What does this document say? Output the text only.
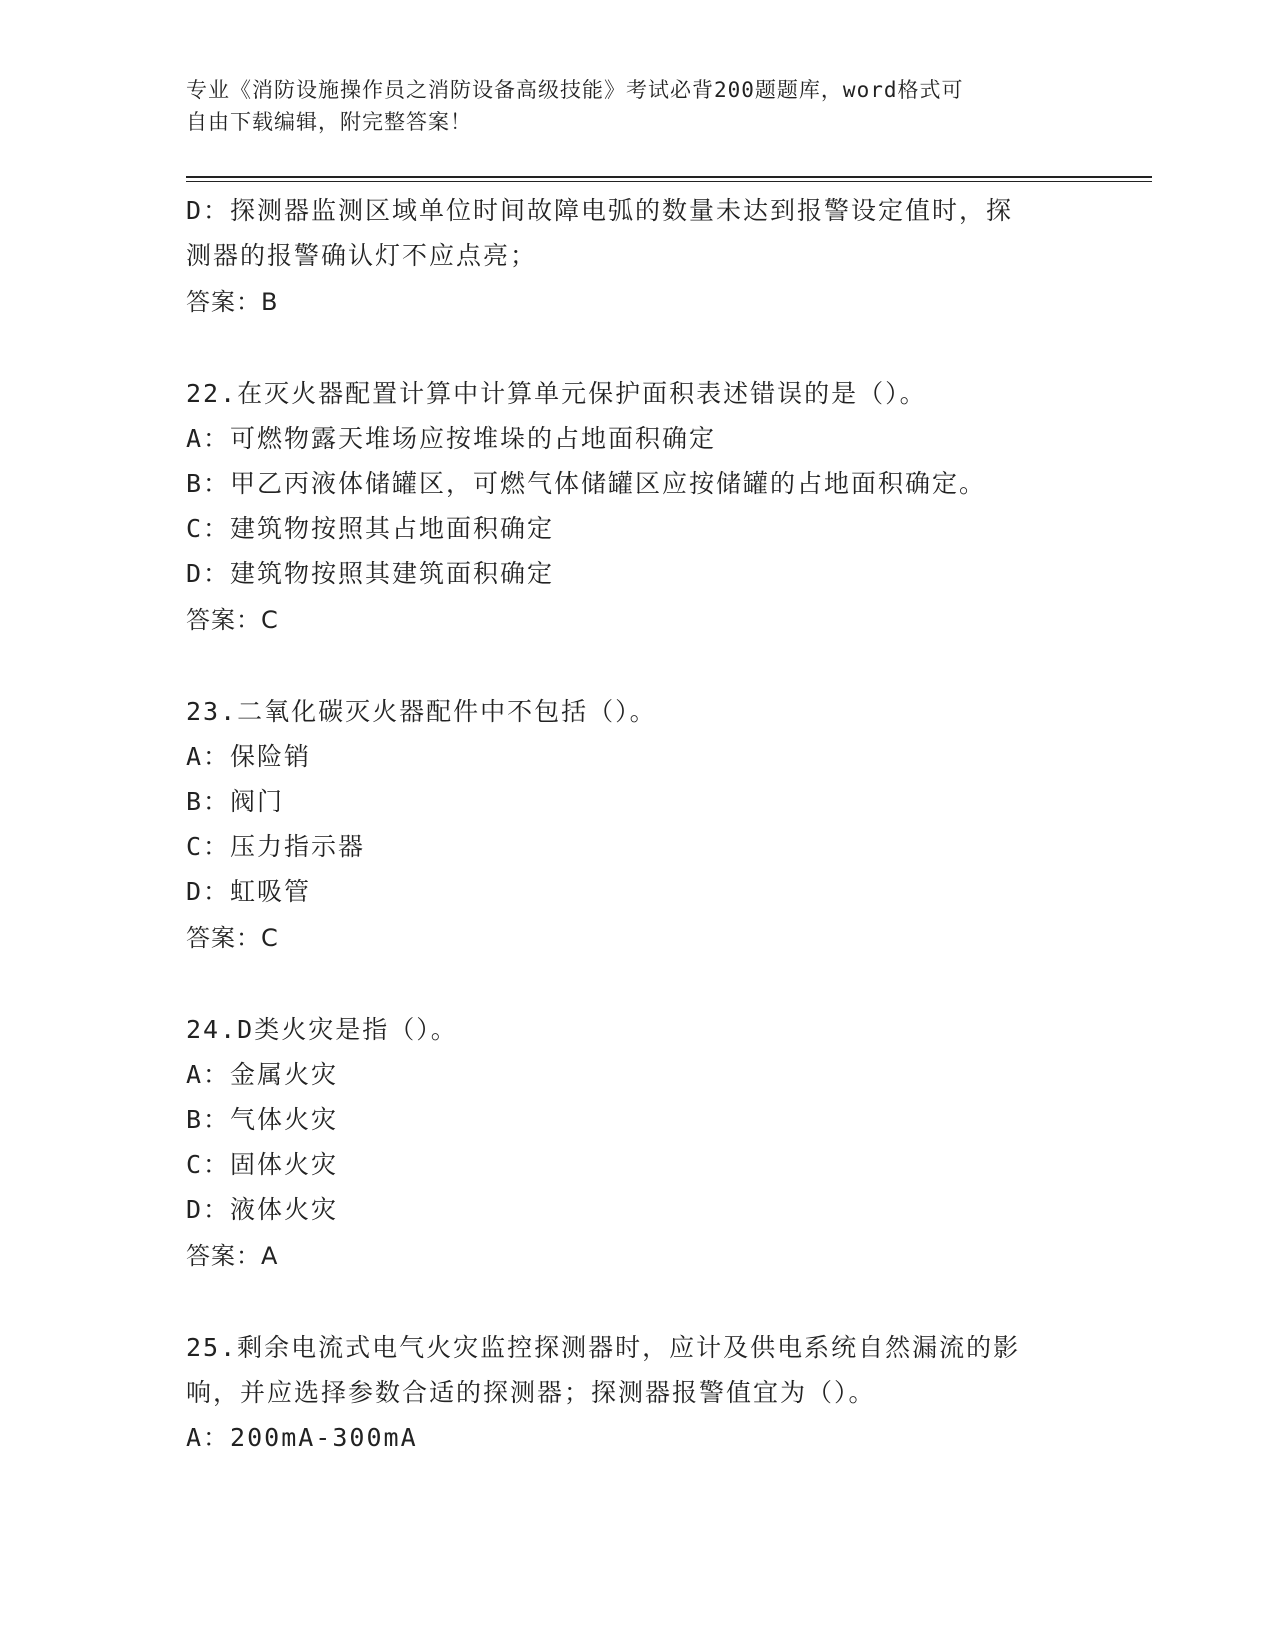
专业《消防设施操作员之消防设备高级技能》考试必背200题题库，word格式可
自由下载编辑，附完整答案！
D：探测器监测区域单位时间故障电弧的数量未达到报警设定值时，探
测器的报警确认灯不应点亮；
答案：B
22.在灭火器配置计算中计算单元保护面积表述错误的是（）。
A：可燃物露天堆场应按堆垛的占地面积确定
B：甲乙丙液体储罐区，可燃气体储罐区应按储罐的占地面积确定。
C：建筑物按照其占地面积确定
D：建筑物按照其建筑面积确定
答案：C
23.二氧化碳灭火器配件中不包括（）。
A：保险销
B：阀门
C：压力指示器
D：虹吸管
答案：C
24.D类火灾是指（）。
A：金属火灾
B：气体火灾
C：固体火灾
D：液体火灾
答案：A
25.剩余电流式电气火灾监控探测器时，应计及供电系统自然漏流的影
响，并应选择参数合适的探测器；探测器报警值宜为（）。
A：200mA-300mA
